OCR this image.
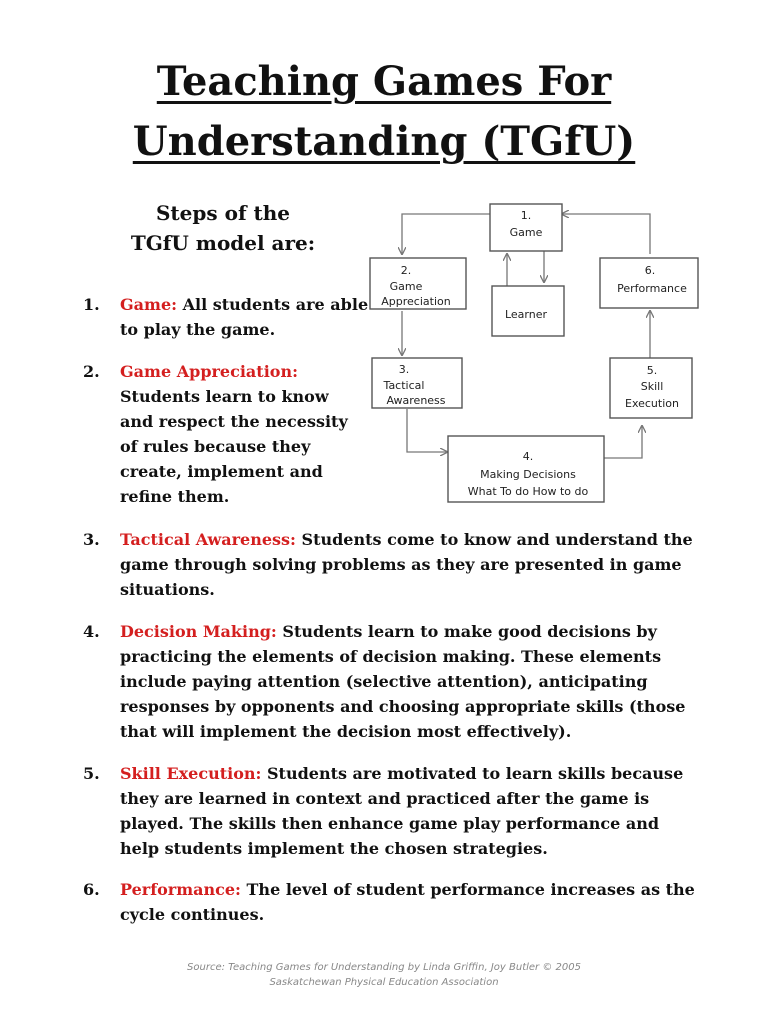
Teaching Games For
Understanding (TGfU)
Steps of the
TGfU model are:
1.
Game
2.
Game
Appreciation
Learner
6.
Performance
3.
Tactical
Awareness
5.
Skill
Execution
4.
Making Decisions
What To do How to do
1. Game: All students are able to play the game.
2. Game Appreciation: Students learn to know and respect the necessity of rules because they create, implement and refine them.
3. Tactical Awareness: Students come to know and understand the game through solving problems as they are presented in game situations.
4. Decision Making: Students learn to make good decisions by practicing the elements of decision making. These elements include paying attention (selective attention), anticipating responses by opponents and choosing appropriate skills (those that will implement the decision most effectively).
5. Skill Execution: Students are motivated to learn skills because they are learned in context and practiced after the game is played. The skills then enhance game play performance and help students implement the chosen strategies.
6. Performance: The level of student performance increases as the cycle continues.
Source: Teaching Games for Understanding by Linda Griffin, Joy Butler © 2005
Saskatchewan Physical Education Association
